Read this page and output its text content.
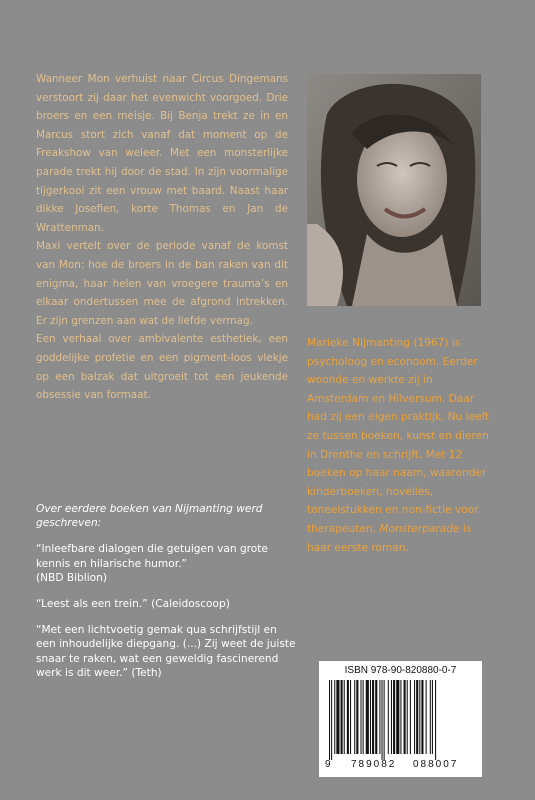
Wanneer Mon verhuist naar Circus Dingemans verstoort zij daar het evenwicht voorgoed. Drie broers en een meisje. Bij Benja trekt ze in en Marcus stort zich vanaf dat moment op de Freakshow van weleer. Met een monsterlijke parade trekt hij door de stad. In zijn voormalige tijgerkooi zit een vrouw met baard. Naast haar dikke Josefien, korte Thomas en Jan de Wrattenman.

Maxi vertelt over de periode vanaf de komst van Mon: hoe de broers in de ban raken van dit enigma, haar helen van vroegere trauma’s en elkaar ondertussen mee de afgrond intrekken. Er zijn grenzen aan wat de liefde vermag.

Een verhaal over ambivalente esthetiek, een goddelijke profetie en een pigment-loos vlekje op een balzak dat uitgroeit tot een jeukende obsessie van formaat.

Over eerdere boeken van Nijmanting werd geschreven:
“Inleefbare dialogen die getuigen van grote kennis en hilarische humor.”
(NBD Biblion)
“Leest als een trein.” (Caleidoscoop)
“Met een lichtvoetig gemak qua schrijfstijl en een inhoudelijke diepgang. (...) Zij weet de juiste snaar te raken, wat een geweldig fascinerend werk is dit weer.” (Teth)

Marieke Nijmanting (1967) is psycholoog en econoom. Eerder woonde en werkte zij in Amsterdam en Hilversum. Daar had zij een eigen praktijk. Nu leeft ze tussen boeken, kunst en dieren in Drenthe en schrijft. Met 12 boeken op haar naam, waaronder kinderboeken, novelles, toneelstukken en non-fictie voor therapeuten. Monsterparade is haar eerste roman.

ISBN 978-90-820880-0-7
9 789082 088007
